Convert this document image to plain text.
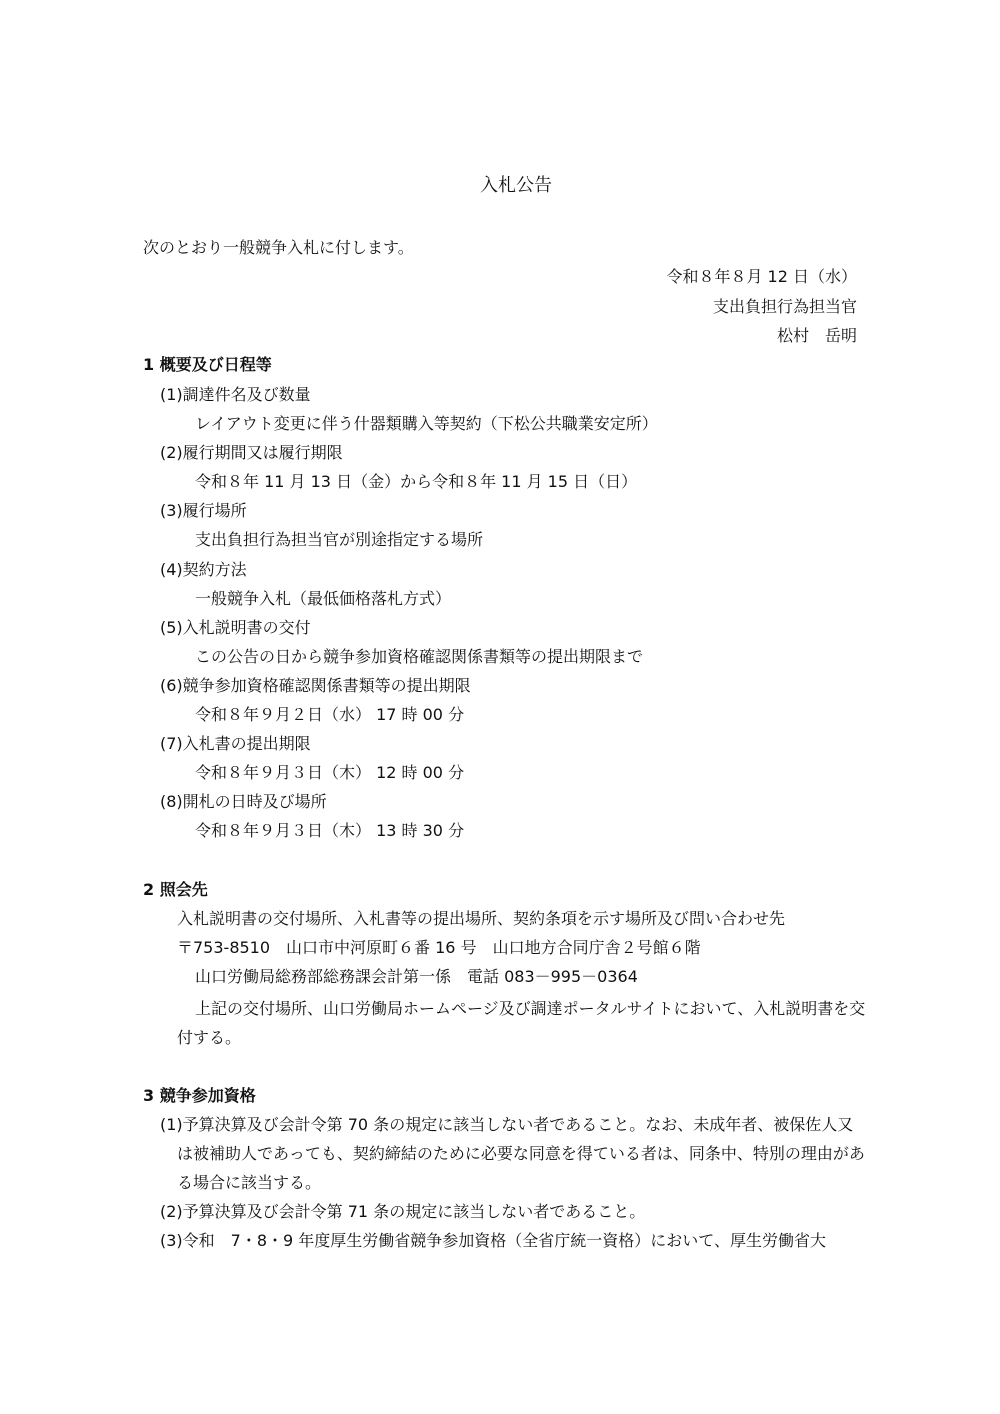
入札公告
次のとおり一般競争入札に付します。
令和８年８月 12 日（水）
支出負担行為担当官
松村　岳明
1 概要及び日程等
(1)調達件名及び数量
レイアウト変更に伴う什器類購入等契約（下松公共職業安定所）
(2)履行期間又は履行期限
令和８年 11 月 13 日（金）から令和８年 11 月 15 日（日）
(3)履行場所
支出負担行為担当官が別途指定する場所
(4)契約方法
一般競争入札（最低価格落札方式）
(5)入札説明書の交付
この公告の日から競争参加資格確認関係書類等の提出期限まで
(6)競争参加資格確認関係書類等の提出期限
令和８年９月２日（水） 17 時 00 分
(7)入札書の提出期限
令和８年９月３日（木） 12 時 00 分
(8)開札の日時及び場所
令和８年９月３日（木） 13 時 30 分
2 照会先
入札説明書の交付場所、入札書等の提出場所、契約条項を示す場所及び問い合わせ先
〒753-8510　山口市中河原町６番 16 号　山口地方合同庁舎２号館６階
山口労働局総務部総務課会計第一係　電話 083－995－0364
上記の交付場所、山口労働局ホームページ及び調達ポータルサイトにおいて、入札説明書を交
付する。
3 競争参加資格
(1)予算決算及び会計令第 70 条の規定に該当しない者であること。なお、未成年者、被保佐人又
は被補助人であっても、契約締結のために必要な同意を得ている者は、同条中、特別の理由があ
る場合に該当する。
(2)予算決算及び会計令第 71 条の規定に該当しない者であること。
(3)令和　7・8・9 年度厚生労働省競争参加資格（全省庁統一資格）において、厚生労働省大
